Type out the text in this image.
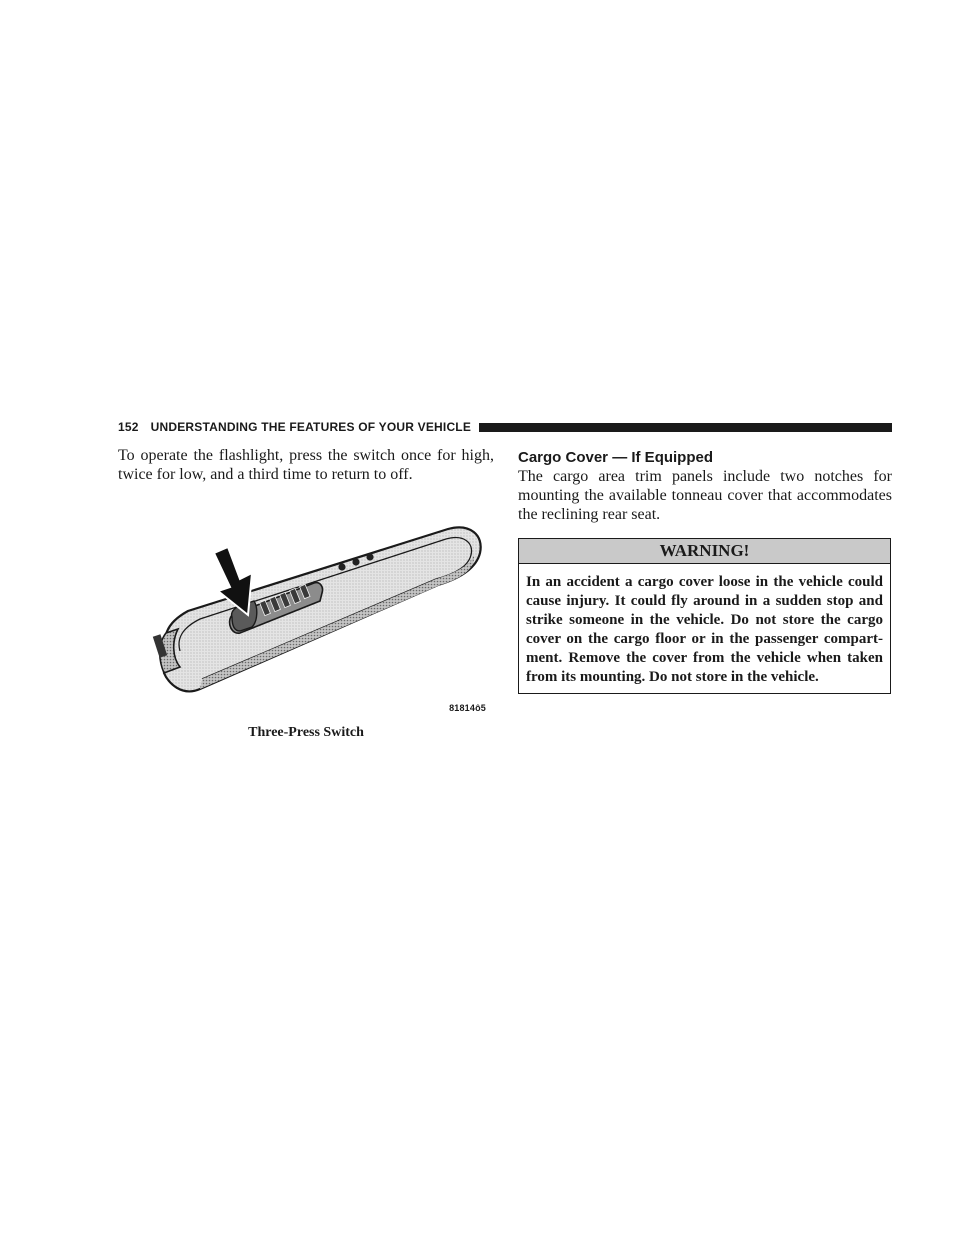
152 UNDERSTANDING THE FEATURES OF YOUR VEHICLE

To operate the flashlight, press the switch once for high, twice for low, and a third time to return to off.

81814ô5
Three-Press Switch
Cargo Cover — If Equipped

The cargo area trim panels include two notches for mounting the available tonneau cover that accommodates the reclining rear seat.

WARNING!
In an accident a cargo cover loose in the vehicle could cause injury. It could fly around in a sudden stop and strike someone in the vehicle. Do not store the cargo cover on the cargo floor or in the passenger compartment. Remove the cover from the vehicle when taken from its mounting. Do not store in the vehicle.
